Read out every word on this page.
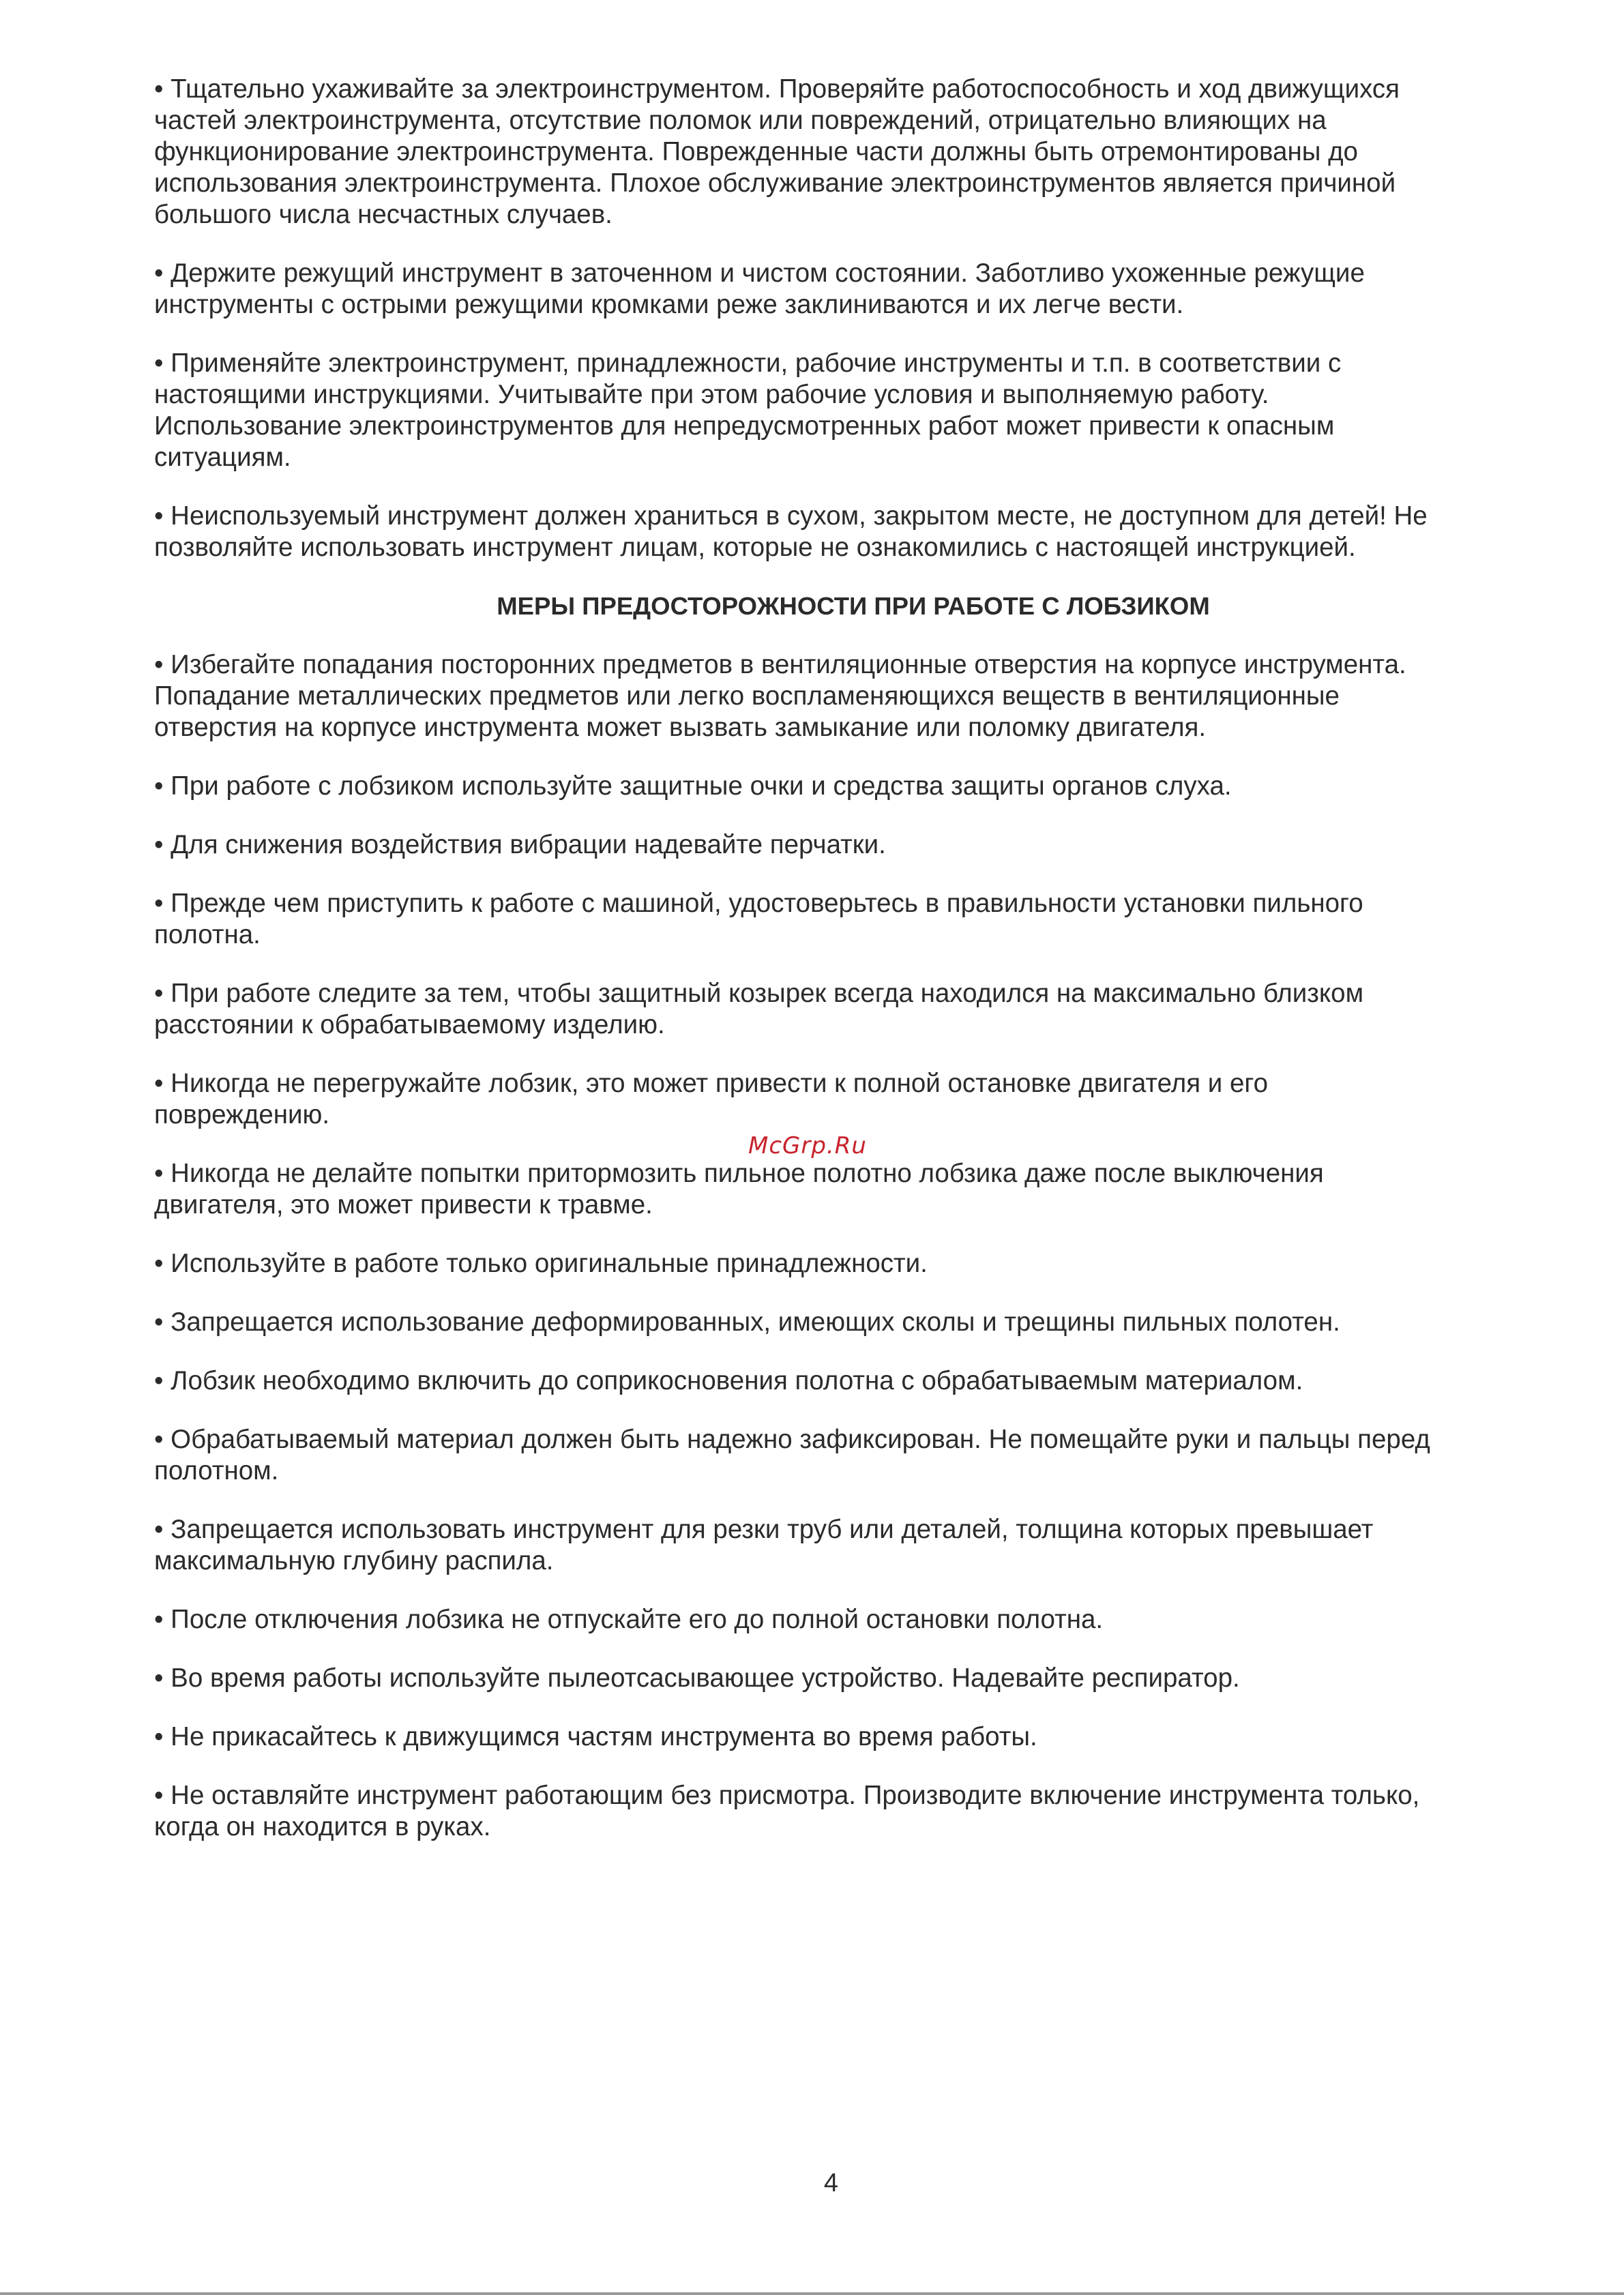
• Тщательно ухаживайте за электроинструментом. Проверяйте работоспособность и ход движущихся
частей электроинструмента, отсутствие поломок или повреждений, отрицательно влияющих на
функционирование электроинструмента. Поврежденные части должны быть отремонтированы до
использования электроинструмента. Плохое обслуживание электроинструментов является причиной
большого числа несчастных случаев.

• Держите режущий инструмент в заточенном и чистом состоянии. Заботливо ухоженные режущие
инструменты с острыми режущими кромками реже заклиниваются и их легче вести.

• Применяйте электроинструмент, принадлежности, рабочие инструменты и т.п. в соответствии с
настоящими инструкциями. Учитывайте при этом рабочие условия и выполняемую работу.
Использование электроинструментов для непредусмотренных работ может привести к опасным
ситуациям.

• Неиспользуемый инструмент должен храниться в сухом, закрытом месте, не доступном для детей! Не
позволяйте использовать инструмент лицам, которые не ознакомились с настоящей инструкцией.

МЕРЫ ПРЕДОСТОРОЖНОСТИ ПРИ РАБОТЕ С ЛОБЗИКОМ

• Избегайте попадания посторонних предметов в вентиляционные отверстия на корпусе инструмента.
Попадание металлических предметов или легко воспламеняющихся веществ в вентиляционные
отверстия на корпусе инструмента может вызвать замыкание или поломку двигателя.

• При работе с лобзиком используйте защитные очки и средства защиты органов слуха.

• Для снижения воздействия вибрации надевайте перчатки.

• Прежде чем приступить к работе с машиной, удостоверьтесь в правильности установки пильного
полотна.

• При работе следите за тем, чтобы защитный козырек всегда находился на максимально близком
расстоянии к обрабатываемому изделию.

• Никогда не перегружайте лобзик, это может привести к полной остановке двигателя и его
повреждению.

• Никогда не делайте попытки притормозить пильное полотно лобзика даже после выключения
двигателя, это может привести к травме.

• Используйте в работе только оригинальные принадлежности.

• Запрещается использование деформированных, имеющих сколы и трещины пильных полотен.

• Лобзик необходимо включить до соприкосновения полотна с обрабатываемым материалом.

• Обрабатываемый материал должен быть надежно зафиксирован. Не помещайте руки и пальцы перед
полотном.

• Запрещается использовать инструмент для резки труб или деталей, толщина которых превышает
максимальную глубину распила.

• После отключения лобзика не отпускайте его до полной остановки полотна.

• Во время работы используйте пылеотсасывающее устройство. Надевайте респиратор.

• Не прикасайтесь к движущимся частям инструмента во время работы.

• Не оставляйте инструмент работающим без присмотра. Производите включение инструмента только,
когда он находится в руках.

McGrp.Ru
4
